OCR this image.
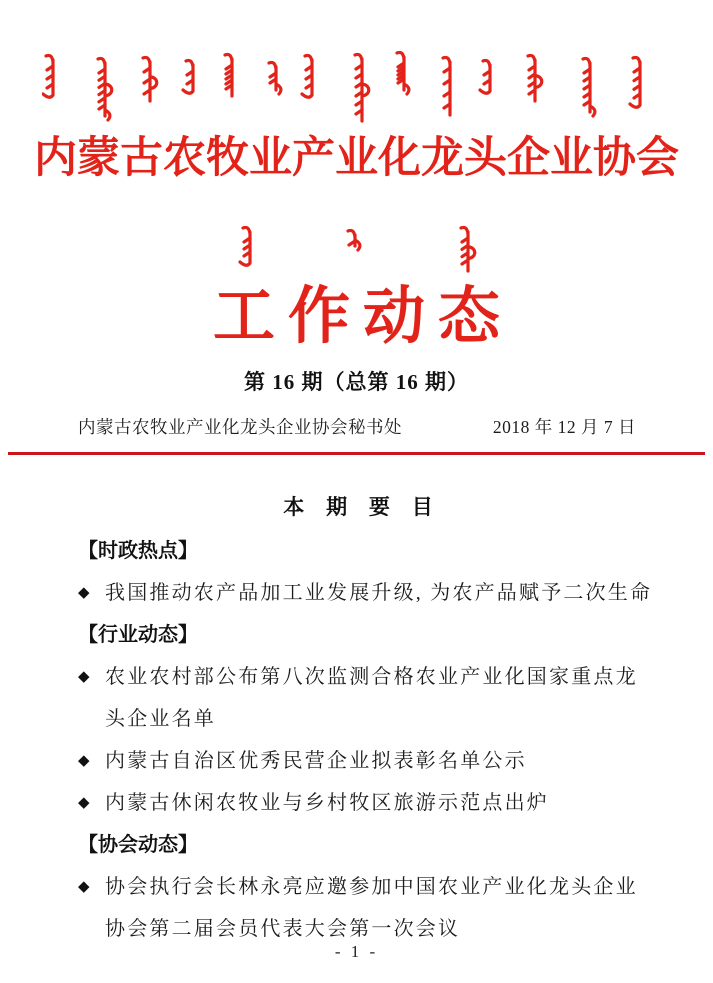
内蒙古农牧业产业化龙头企业协会
工作动态
第 16 期（总第 16 期）
内蒙古农牧业产业化龙头企业协会秘书处	2018 年 12 月 7 日
本 期 要 目
【时政热点】
◆ 我国推动农产品加工业发展升级, 为农产品赋予二次生命
【行业动态】
◆ 农业农村部公布第八次监测合格农业产业化国家重点龙头企业名单
◆ 内蒙古自治区优秀民营企业拟表彰名单公示
◆ 内蒙古休闲农牧业与乡村牧区旅游示范点出炉
【协会动态】
◆ 协会执行会长林永亮应邀参加中国农业产业化龙头企业协会第二届会员代表大会第一次会议
- 1 -
